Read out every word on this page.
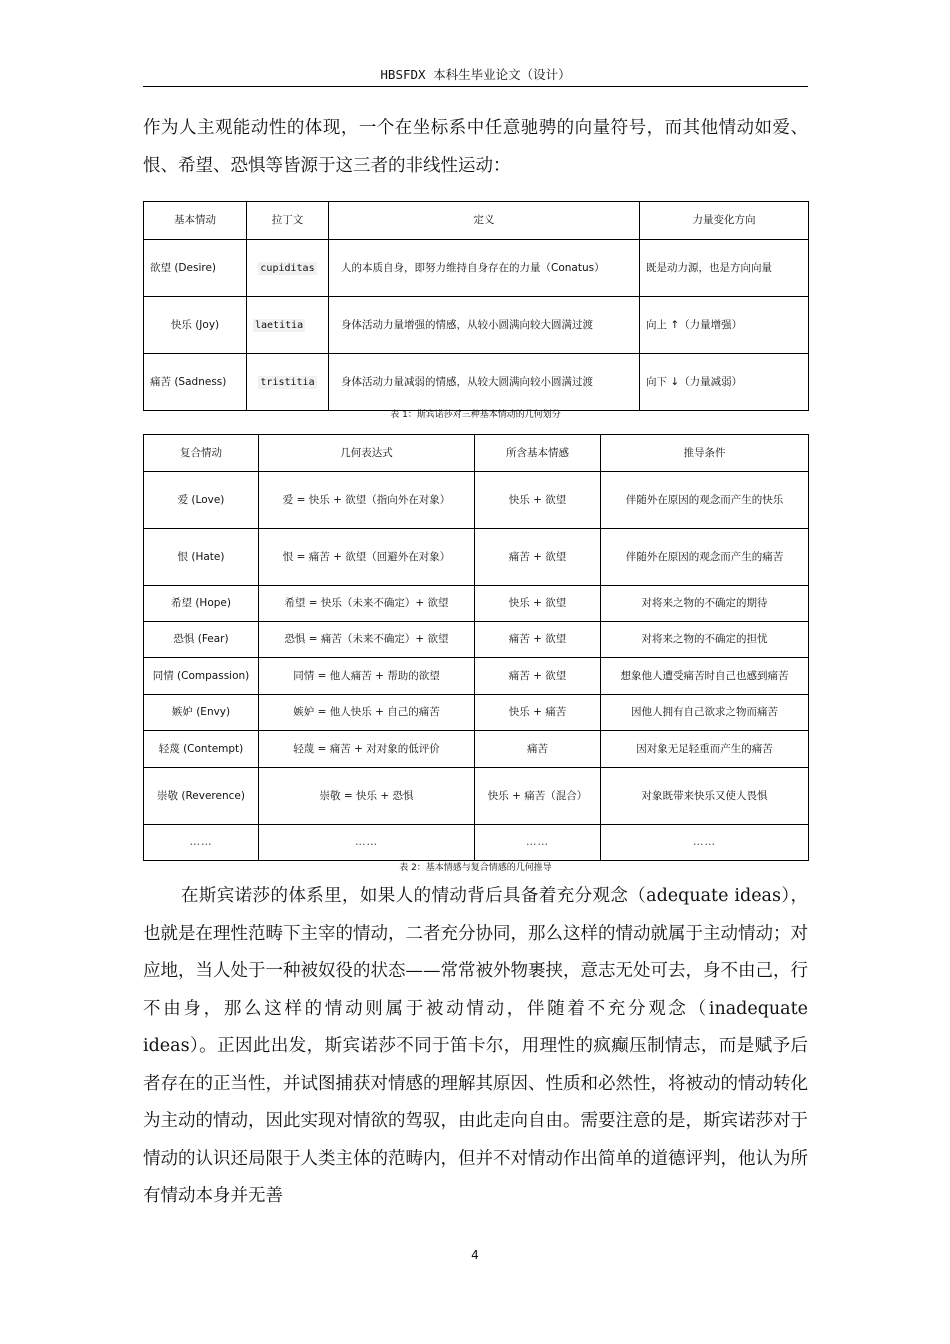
HBSFDX 本科生毕业论文（设计）

作为人主观能动性的体现，一个在坐标系中任意驰骋的向量符号，而其他情动如爱、恨、希望、恐惧等皆源于这三者的非线性运动：

基本情动	拉丁文	定义	力量变化方向
欲望 (Desire)	cupiditas	人的本质自身，即努力维持自身存在的力量（Conatus）	既是动力源，也是方向向量
快乐 (Joy)	laetitia	身体活动力量增强的情感，从较小圆满向较大圆满过渡	向上 ↑（力量增强）
痛苦 (Sadness)	tristitia	身体活动力量减弱的情感，从较大圆满向较小圆满过渡	向下 ↓（力量减弱）
表 1：斯宾诺莎对三种基本情动的几何划分
复合情动	几何表达式	所含基本情感	推导条件
爱 (Love)	爱 = 快乐 + 欲望（指向外在对象）	快乐 + 欲望	伴随外在原因的观念而产生的快乐
恨 (Hate)	恨 = 痛苦 + 欲望（回避外在对象）	痛苦 + 欲望	伴随外在原因的观念而产生的痛苦
希望 (Hope)	希望 = 快乐（未来不确定）+ 欲望	快乐 + 欲望	对将来之物的不确定的期待
恐惧 (Fear)	恐惧 = 痛苦（未来不确定）+ 欲望	痛苦 + 欲望	对将来之物的不确定的担忧
同情 (Compassion)	同情 = 他人痛苦 + 帮助的欲望	痛苦 + 欲望	想象他人遭受痛苦时自己也感到痛苦
嫉妒 (Envy)	嫉妒 = 他人快乐 + 自己的痛苦	快乐 + 痛苦	因他人拥有自己欲求之物而痛苦
轻蔑 (Contempt)	轻蔑 = 痛苦 + 对对象的低评价	痛苦	因对象无足轻重而产生的痛苦
崇敬 (Reverence)	崇敬 = 快乐 + 恐惧	快乐 + 痛苦（混合）	对象既带来快乐又使人畏惧
……	……	……	……
表 2：基本情感与复合情感的几何推导

在斯宾诺莎的体系里，如果人的情动背后具备着充分观念（adequate ideas），也就是在理性范畴下主宰的情动，二者充分协同，那么这样的情动就属于主动情动；对应地，当人处于一种被奴役的状态——常常被外物裹挟，意志无处可去，身不由己，行不由身，那么这样的情动则属于被动情动，伴随着不充分观念（inadequate ideas）。正因此出发，斯宾诺莎不同于笛卡尔，用理性的疯癫压制情志，而是赋予后者存在的正当性，并试图捕获对情感的理解其原因、性质和必然性，将被动的情动转化为主动的情动，因此实现对情欲的驾驭，由此走向自由。需要注意的是，斯宾诺莎对于情动的认识还局限于人类主体的范畴内，但并不对情动作出简单的道德评判，他认为所有情动本身并无善

4
